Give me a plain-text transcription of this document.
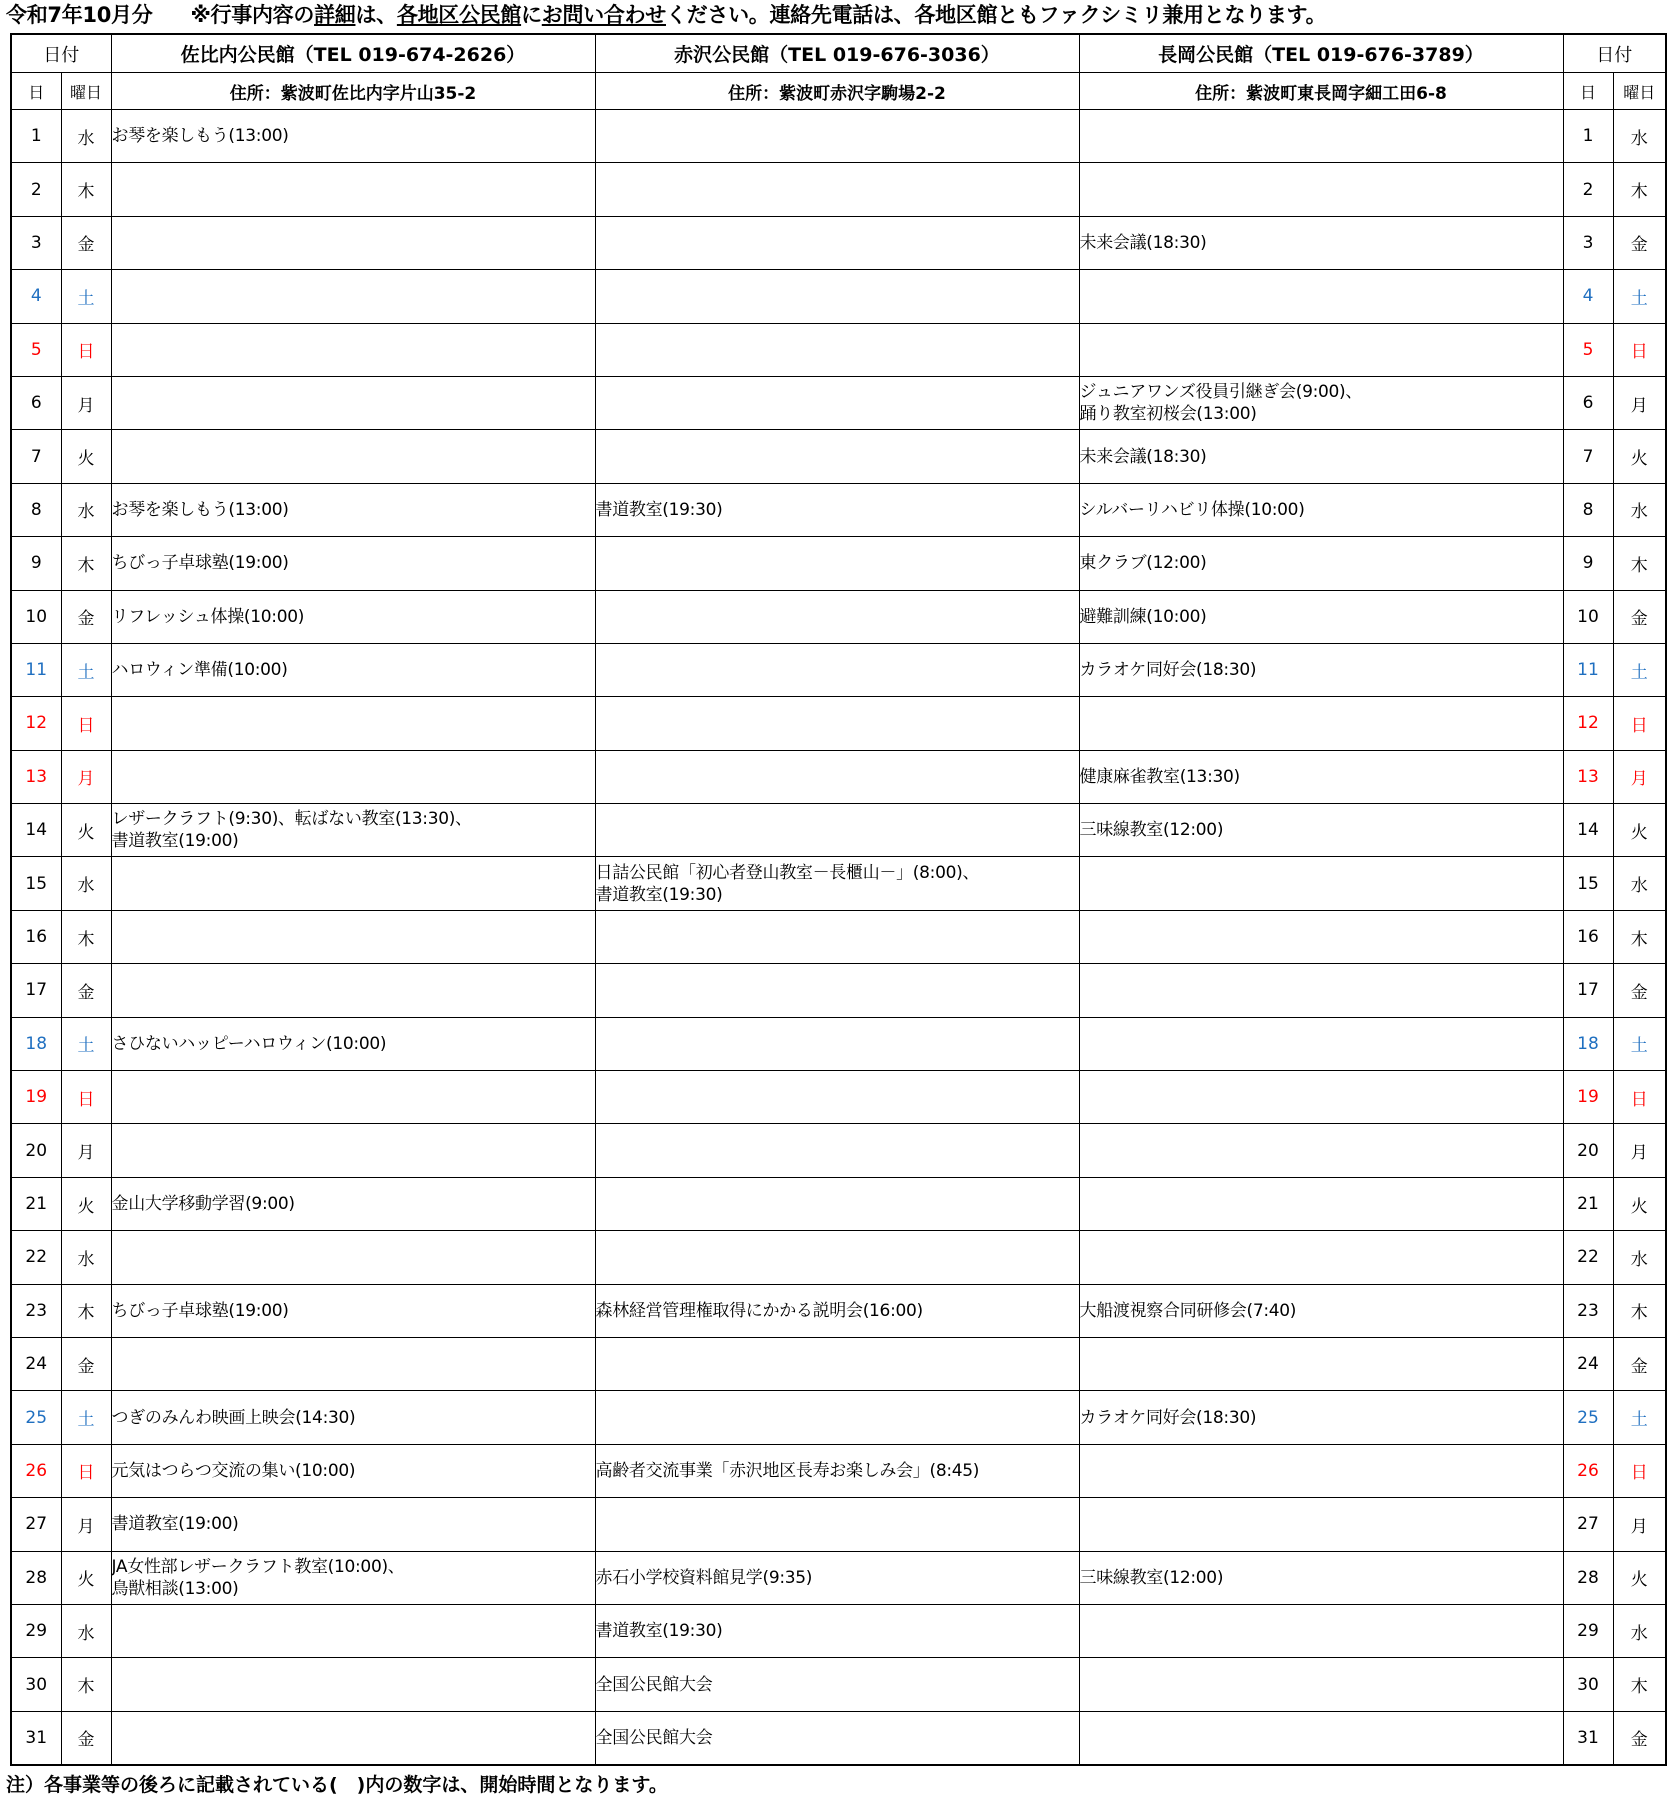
令和7年10月分 ※行事内容の詳細は、各地区公民館にお問い合わせください。連絡先電話は、各地区館ともファクシミリ兼用となります。
日付		佐比内公民館（TEL 019-674-2626）	赤沢公民館（TEL 019-676-3036）	長岡公民館（TEL 019-676-3789）	日付	
日	曜日	住所：紫波町佐比内字片山35-2	住所：紫波町赤沢字駒場2-2	住所：紫波町東長岡字細工田6-8	日	曜日
1	水	お琴を楽しもう(13:00)			1	水
2	木				2	木
3	金			未来会議(18:30)	3	金
4	土				4	土
5	日				5	日
6	月			ジュニアワンズ役員引継ぎ会(9:00)、
踊り教室初桜会(13:00)	6	月
7	火			未来会議(18:30)	7	火
8	水	お琴を楽しもう(13:00)	書道教室(19:30)	シルバーリハビリ体操(10:00)	8	水
9	木	ちびっ子卓球塾(19:00)		東クラブ(12:00)	9	木
10	金	リフレッシュ体操(10:00)		避難訓練(10:00)	10	金
11	土	ハロウィン準備(10:00)		カラオケ同好会(18:30)	11	土
12	日				12	日
13	月			健康麻雀教室(13:30)	13	月
14	火	レザークラフト(9:30)、転ばない教室(13:30)、
書道教室(19:00)		三味線教室(12:00)	14	火
15	水		日詰公民館「初心者登山教室－長櫃山－」(8:00)、
書道教室(19:30)		15	水
16	木				16	木
17	金				17	金
18	土	さひないハッピーハロウィン(10:00)			18	土
19	日				19	日
20	月				20	月
21	火	金山大学移動学習(9:00)			21	火
22	水				22	水
23	木	ちびっ子卓球塾(19:00)	森林経営管理権取得にかかる説明会(16:00)	大船渡視察合同研修会(7:40)	23	木
24	金				24	金
25	土	つぎのみんわ映画上映会(14:30)		カラオケ同好会(18:30)	25	土
26	日	元気はつらつ交流の集い(10:00)	高齢者交流事業「赤沢地区長寿お楽しみ会」(8:45)		26	日
27	月	書道教室(19:00)			27	月
28	火	JA女性部レザークラフト教室(10:00)、
鳥獣相談(13:00)	赤石小学校資料館見学(9:35)	三味線教室(12:00)	28	火
29	水		書道教室(19:30)		29	水
30	木		全国公民館大会		30	木
31	金		全国公民館大会		31	金
注）各事業等の後ろに記載されている(　)内の数字は、開始時間となります。
